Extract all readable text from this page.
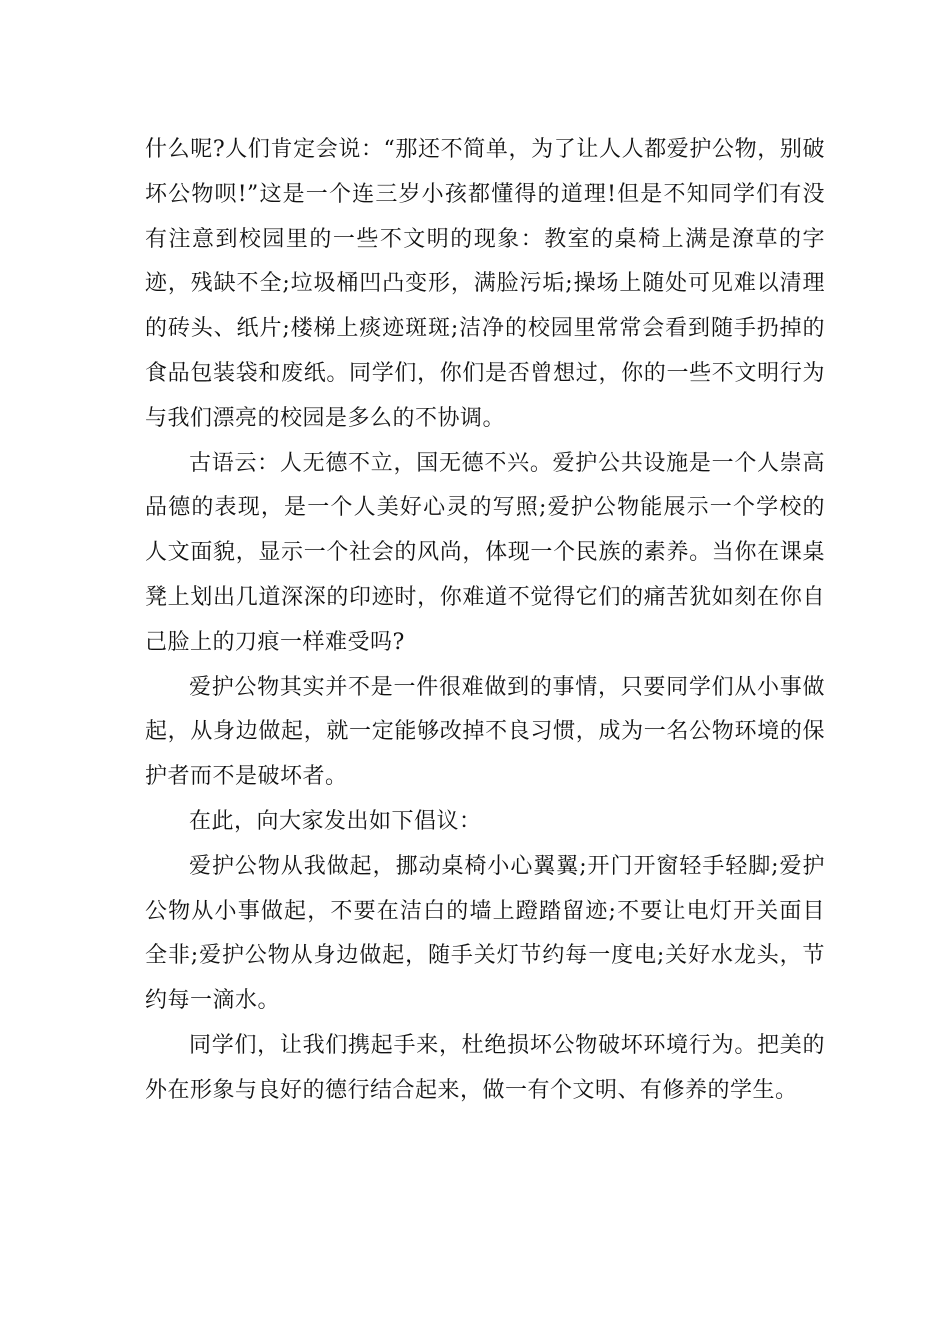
什么呢?人们肯定会说：“那还不简单，为了让人人都爱护公物，别破坏公物呗!”这是一个连三岁小孩都懂得的道理!但是不知同学们有没有注意到校园里的一些不文明的现象：教室的桌椅上满是潦草的字迹，残缺不全;垃圾桶凹凸变形，满脸污垢;操场上随处可见难以清理的砖头、纸片;楼梯上痰迹斑斑;洁净的校园里常常会看到随手扔掉的食品包装袋和废纸。同学们，你们是否曾想过，你的一些不文明行为与我们漂亮的校园是多么的不协调。

古语云：人无德不立，国无德不兴。爱护公共设施是一个人崇高品德的表现，是一个人美好心灵的写照;爱护公物能展示一个学校的人文面貌，显示一个社会的风尚，体现一个民族的素养。当你在课桌凳上划出几道深深的印迹时，你难道不觉得它们的痛苦犹如刻在你自己脸上的刀痕一样难受吗?

爱护公物其实并不是一件很难做到的事情，只要同学们从小事做起，从身边做起，就一定能够改掉不良习惯，成为一名公物环境的保护者而不是破坏者。

在此，向大家发出如下倡议：

爱护公物从我做起，挪动桌椅小心翼翼;开门开窗轻手轻脚;爱护公物从小事做起，不要在洁白的墙上蹬踏留迹;不要让电灯开关面目全非;爱护公物从身边做起，随手关灯节约每一度电;关好水龙头，节约每一滴水。

同学们，让我们携起手来，杜绝损坏公物破坏环境行为。把美的外在形象与良好的德行结合起来，做一有个文明、有修养的学生。
